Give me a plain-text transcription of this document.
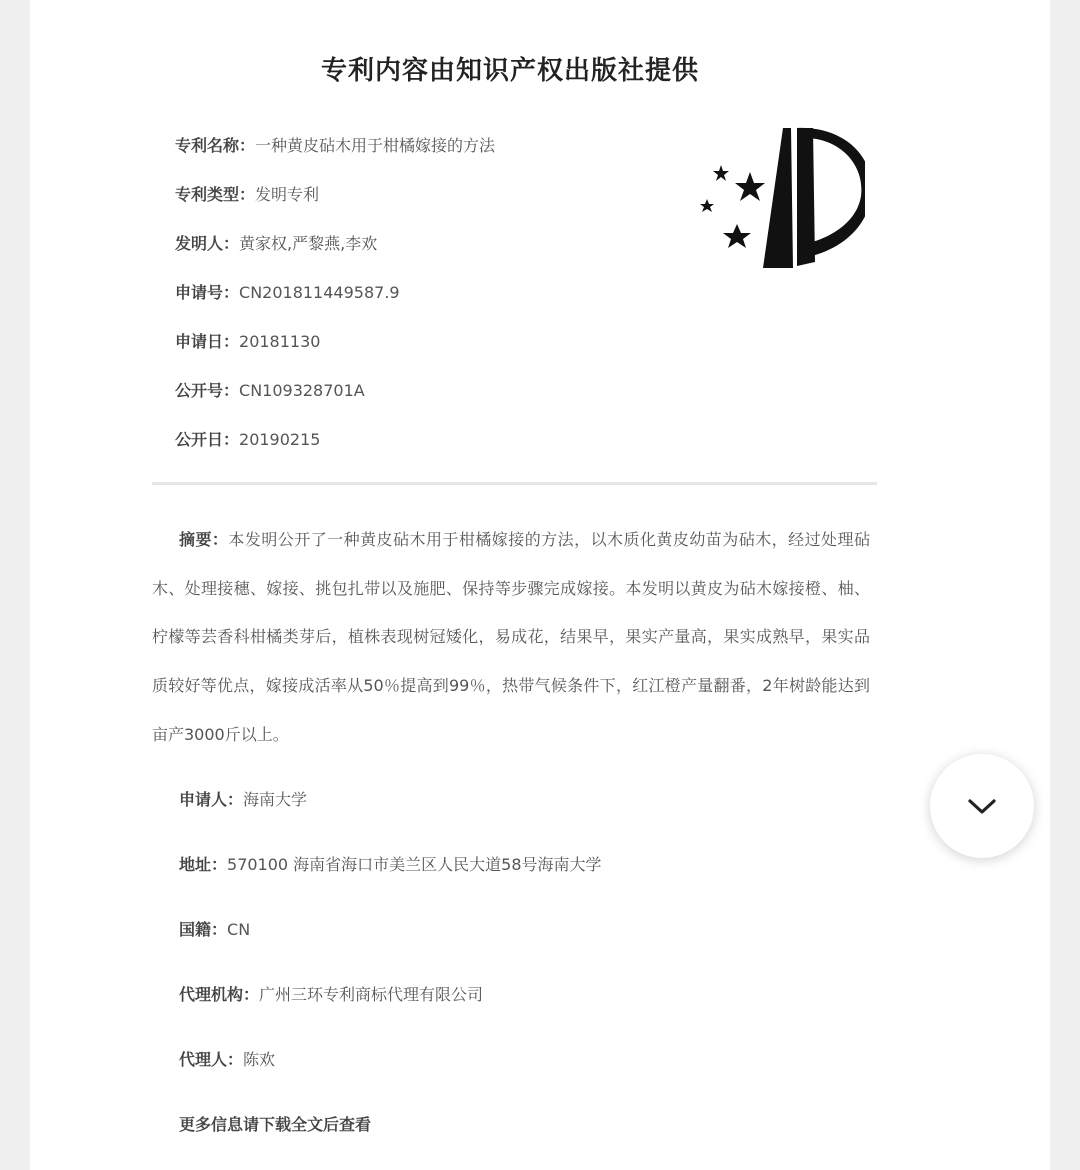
专利内容由知识产权出版社提供
专利名称：一种黄皮砧木用于柑橘嫁接的方法
专利类型：发明专利
发明人：黄家权,严黎燕,李欢
申请号：CN201811449587.9
申请日：20181130
公开号：CN109328701A
公开日：20190215
摘要：本发明公开了一种黄皮砧木用于柑橘嫁接的方法，以木质化黄皮幼苗为砧木，经过处理砧木、处理接穗、嫁接、挑包扎带以及施肥、保持等步骤完成嫁接。本发明以黄皮为砧木嫁接橙、柚、柠檬等芸香科柑橘类芽后，植株表现树冠矮化，易成花，结果早，果实产量高，果实成熟早，果实品质较好等优点，嫁接成活率从50％提高到99％，热带气候条件下，红江橙产量翻番，2年树龄能达到亩产3000斤以上。
申请人：海南大学
地址：570100 海南省海口市美兰区人民大道58号海南大学
国籍：CN
代理机构：广州三环专利商标代理有限公司
代理人：陈欢
更多信息请下载全文后查看
